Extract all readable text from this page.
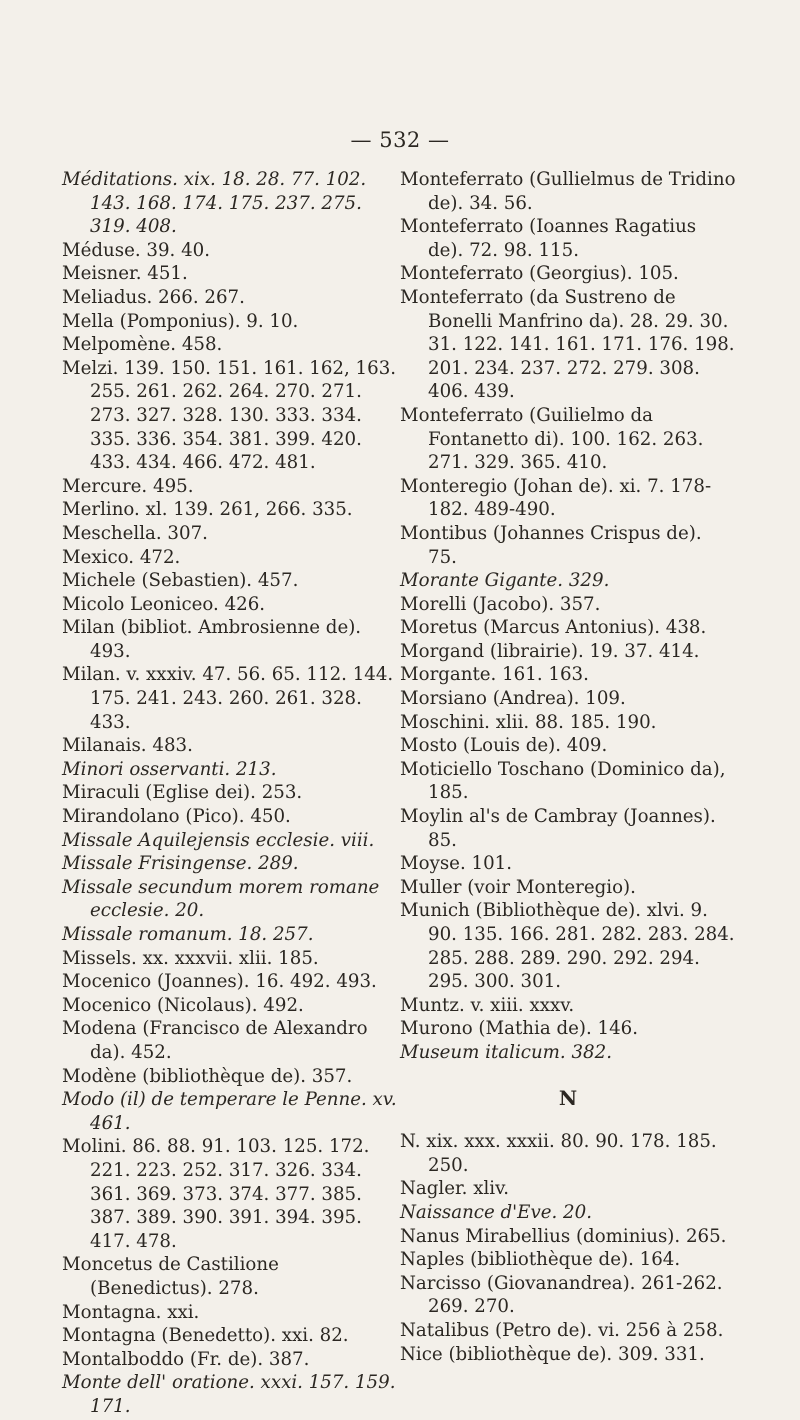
— 532 —
Méditations. xix. 18. 28. 77. 102. 143. 168. 174. 175. 237. 275. 319. 408.
Méduse. 39. 40.
Meisner. 451.
Meliadus. 266. 267.
Mella (Pomponius). 9. 10.
Melpomène. 458.
Melzi. 139. 150. 151. 161. 162, 163. 255. 261. 262. 264. 270. 271. 273. 327. 328. 130. 333. 334. 335. 336. 354. 381. 399. 420. 433. 434. 466. 472. 481.
Mercure. 495.
Merlino. xl. 139. 261, 266. 335.
Meschella. 307.
Mexico. 472.
Michele (Sebastien). 457.
Micolo Leoniceo. 426.
Milan (bibliot. Ambrosienne de). 493.
Milan. v. xxxiv. 47. 56. 65. 112. 144. 175. 241. 243. 260. 261. 328. 433.
Milanais. 483.
Minori osservanti. 213.
Miraculi (Eglise dei). 253.
Mirandolano (Pico). 450.
Missale Aquilejensis ecclesie. viii.
Missale Frisingense. 289.
Missale secundum morem romane ecclesie. 20.
Missale romanum. 18. 257.
Missels. xx. xxxvii. xlii. 185.
Mocenico (Joannes). 16. 492. 493.
Mocenico (Nicolaus). 492.
Modena (Francisco de Alexandro da). 452.
Modène (bibliothèque de). 357.
Modo (il) de temperare le Penne. xv. 461.
Molini. 86. 88. 91. 103. 125. 172. 221. 223. 252. 317. 326. 334. 361. 369. 373. 374. 377. 385. 387. 389. 390. 391. 394. 395. 417. 478.
Moncetus de Castilione (Benedictus). 278.
Montagna. xxi.
Montagna (Benedetto). xxi. 82.
Montalboddo (Fr. de). 387.
Monte dell' oratione. xxxi. 157. 159. 171.
Monteferrato (Gullielmus de Tridino de). 34. 56.
Monteferrato (Ioannes Ragatius de). 72. 98. 115.
Monteferrato (Georgius). 105.
Monteferrato (da Sustreno de Bonelli Manfrino da). 28. 29. 30. 31. 122. 141. 161. 171. 176. 198. 201. 234. 237. 272. 279. 308. 406. 439.
Monteferrato (Guilielmo da Fontanetto di). 100. 162. 263. 271. 329. 365. 410.
Monteregio (Johan de). xi. 7. 178-182. 489-490.
Montibus (Johannes Crispus de). 75.
Morante Gigante. 329.
Morelli (Jacobo). 357.
Moretus (Marcus Antonius). 438.
Morgand (librairie). 19. 37. 414.
Morgante. 161. 163.
Morsiano (Andrea). 109.
Moschini. xlii. 88. 185. 190.
Mosto (Louis de). 409.
Moticiello Toschano (Dominico da), 185.
Moylin al's de Cambray (Joannes). 85.
Moyse. 101.
Muller (voir Monteregio).
Munich (Bibliothèque de). xlvi. 9. 90. 135. 166. 281. 282. 283. 284. 285. 288. 289. 290. 292. 294. 295. 300. 301.
Muntz. v. xiii. xxxv.
Murono (Mathia de). 146.
Museum italicum. 382.
N
N. xix. xxx. xxxii. 80. 90. 178. 185. 250.
Nagler. xliv.
Naissance d'Eve. 20.
Nanus Mirabellius (dominius). 265.
Naples (bibliothèque de). 164.
Narcisso (Giovanandrea). 261-262. 269. 270.
Natalibus (Petro de). vi. 256 à 258.
Nice (bibliothèque de). 309. 331.
